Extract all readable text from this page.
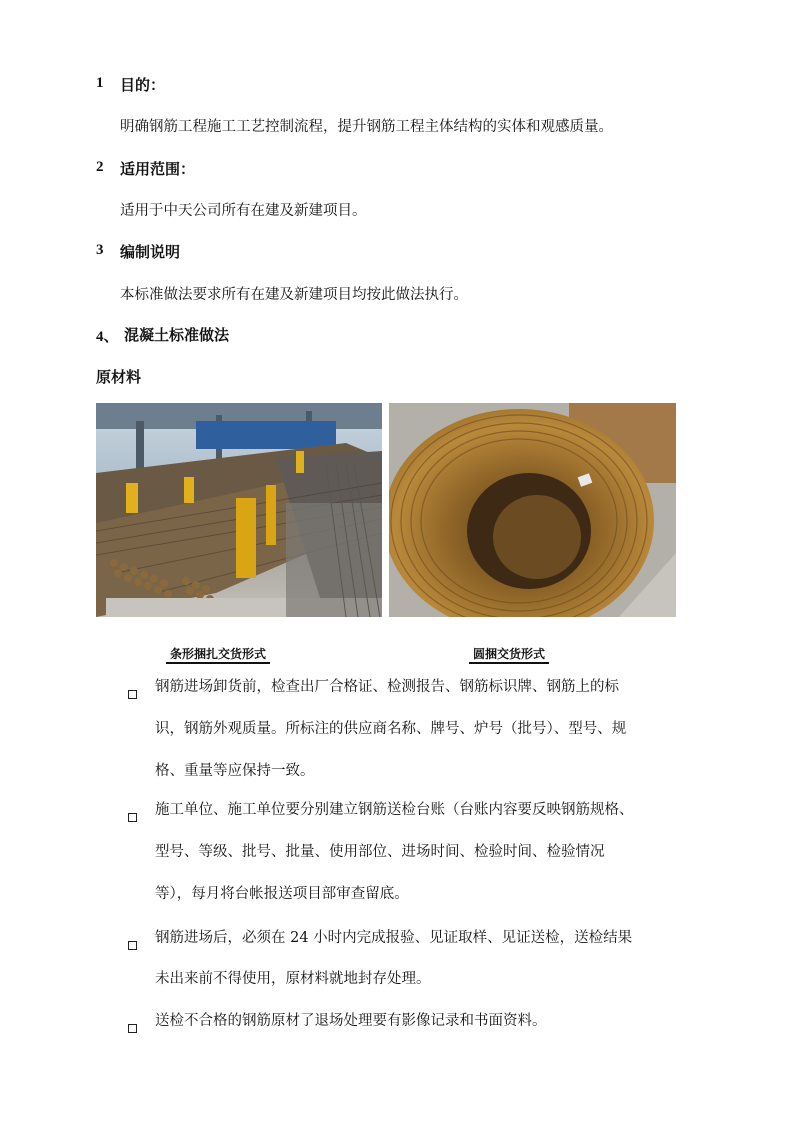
1 目的：
明确钢筋工程施工工艺控制流程，提升钢筋工程主体结构的实体和观感质量。
2 适用范围：
适用于中天公司所有在建及新建项目。
3 编制说明
本标准做法要求所有在建及新建项目均按此做法执行。
4、 混凝土标准做法
原材料
条形捆扎交货形式	圆捆交货形式
钢筋进场卸货前，检查出厂合格证、检测报告、钢筋标识牌、钢筋上的标
识，钢筋外观质量。所标注的供应商名称、牌号、炉号（批号）、型号、规
格、重量等应保持一致。
施工单位、施工单位要分别建立钢筋送检台账（台账内容要反映钢筋规格、
型号、等级、批号、批量、使用部位、进场时间、检验时间、检验情况
等），每月将台帐报送项目部审查留底。
钢筋进场后，必须在 24 小时内完成报验、见证取样、见证送检，送检结果
未出来前不得使用，原材料就地封存处理。
送检不合格的钢筋原材了退场处理要有影像记录和书面资料。
